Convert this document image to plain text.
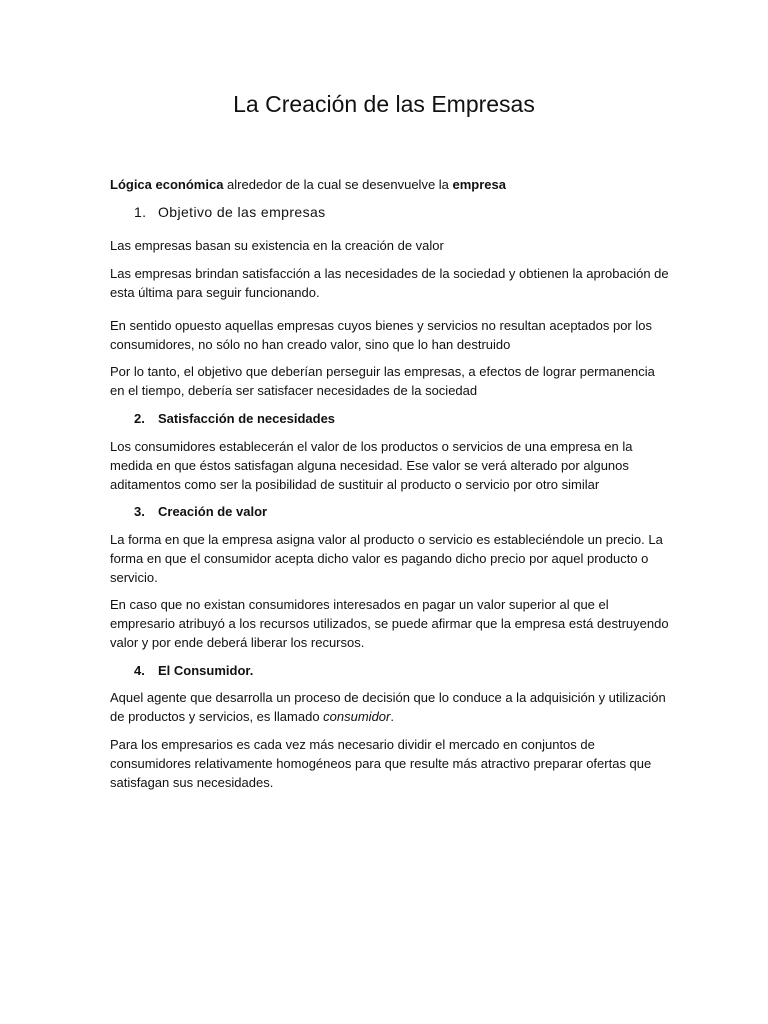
La Creación de las Empresas

Lógica económica alrededor de la cual se desenvuelve la empresa

1. Objetivo de las empresas

Las empresas basan su existencia en la creación de valor

Las empresas brindan satisfacción a las necesidades de la sociedad y obtienen la aprobación de esta última para seguir funcionando.

En sentido opuesto aquellas empresas cuyos bienes y servicios no resultan aceptados por los consumidores, no sólo no han creado valor, sino que lo han destruido

Por lo tanto, el objetivo que deberían perseguir las empresas, a efectos de lograr permanencia en el tiempo, debería ser satisfacer necesidades de la sociedad

2. Satisfacción de necesidades

Los consumidores establecerán el valor de los productos o servicios de una empresa en la medida en que éstos satisfagan alguna necesidad. Ese valor se verá alterado por algunos aditamentos como ser la posibilidad de sustituir al producto o servicio por otro similar

3. Creación de valor

La forma en que la empresa asigna valor al producto o servicio es estableciéndole un precio. La forma en que el consumidor acepta dicho valor es pagando dicho precio por aquel producto o servicio.

En caso que no existan consumidores interesados en pagar un valor superior al que el empresario atribuyó a los recursos utilizados, se puede afirmar que la empresa está destruyendo valor y por ende deberá liberar los recursos.

4. El Consumidor.

Aquel agente que desarrolla un proceso de decisión que lo conduce a la adquisición y utilización de productos y servicios, es llamado consumidor.

Para los empresarios es cada vez más necesario dividir el mercado en conjuntos de consumidores relativamente homogéneos para que resulte más atractivo preparar ofertas que satisfagan sus necesidades.
